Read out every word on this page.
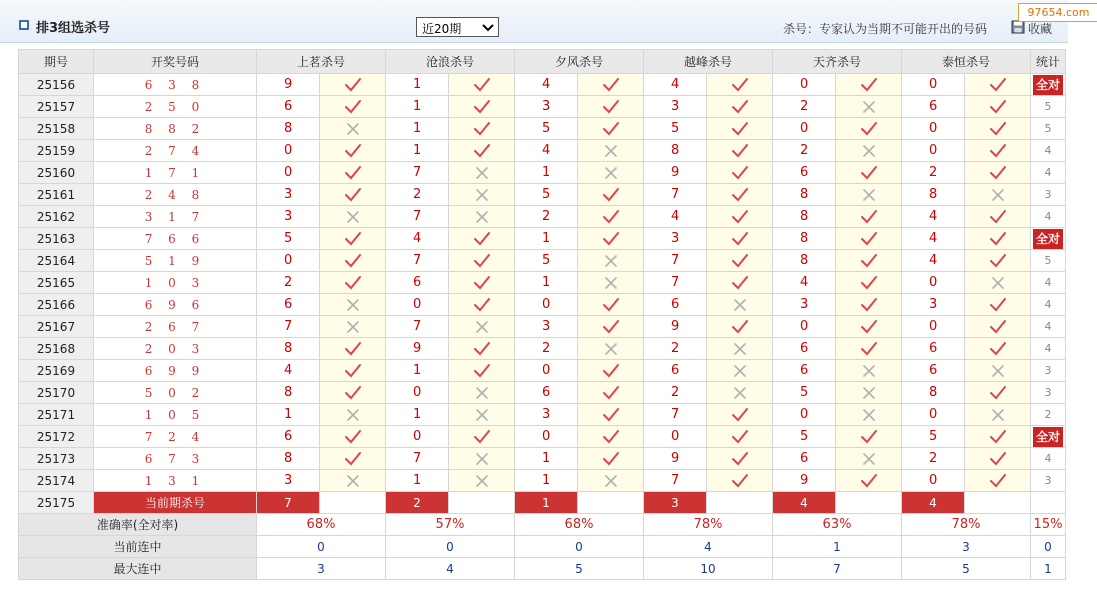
排3组选杀号	近20期	杀号：专家认为当期不可能开出的号码	收藏
97654.com
期号	开奖号码	上茗杀号		沧浪杀号		夕风杀号		越峰杀号		天齐杀号		泰恒杀号		统计
25156	6 3 8	9		1		4		4		0		0		全对
25157	2 5 0	6		1		3		3		2		6		5
25158	8 8 2	8		1		5		5		0		0		5
25159	2 7 4	0		1		4		8		2		0		4
25160	1 7 1	0		7		1		9		6		2		4
25161	2 4 8	3		2		5		7		8		8		3
25162	3 1 7	3		7		2		4		8		4		4
25163	7 6 6	5		4		1		3		8		4		全对
25164	5 1 9	0		7		5		7		8		4		5
25165	1 0 3	2		6		1		7		4		0		4
25166	6 9 6	6		0		0		6		3		3		4
25167	2 6 7	7		7		3		9		0		0		4
25168	2 0 3	8		9		2		2		6		6		4
25169	6 9 9	4		1		0		6		6		6		3
25170	5 0 2	8		0		6		2		5		8		3
25171	1 0 5	1		1		3		7		0		0		2
25172	7 2 4	6		0		0		0		5		5		全对
25173	6 7 3	8		7		1		9		6		2		4
25174	1 3 1	3		1		1		7		9		0		3
25175	当前期杀号	7		2		1		3		4		4		
准确率(全对率)		68%		57%		68%		78%		63%		78%		15%
当前连中		0		0		0		4		1		3		0
最大连中		3		4		5		10		7		5		1
